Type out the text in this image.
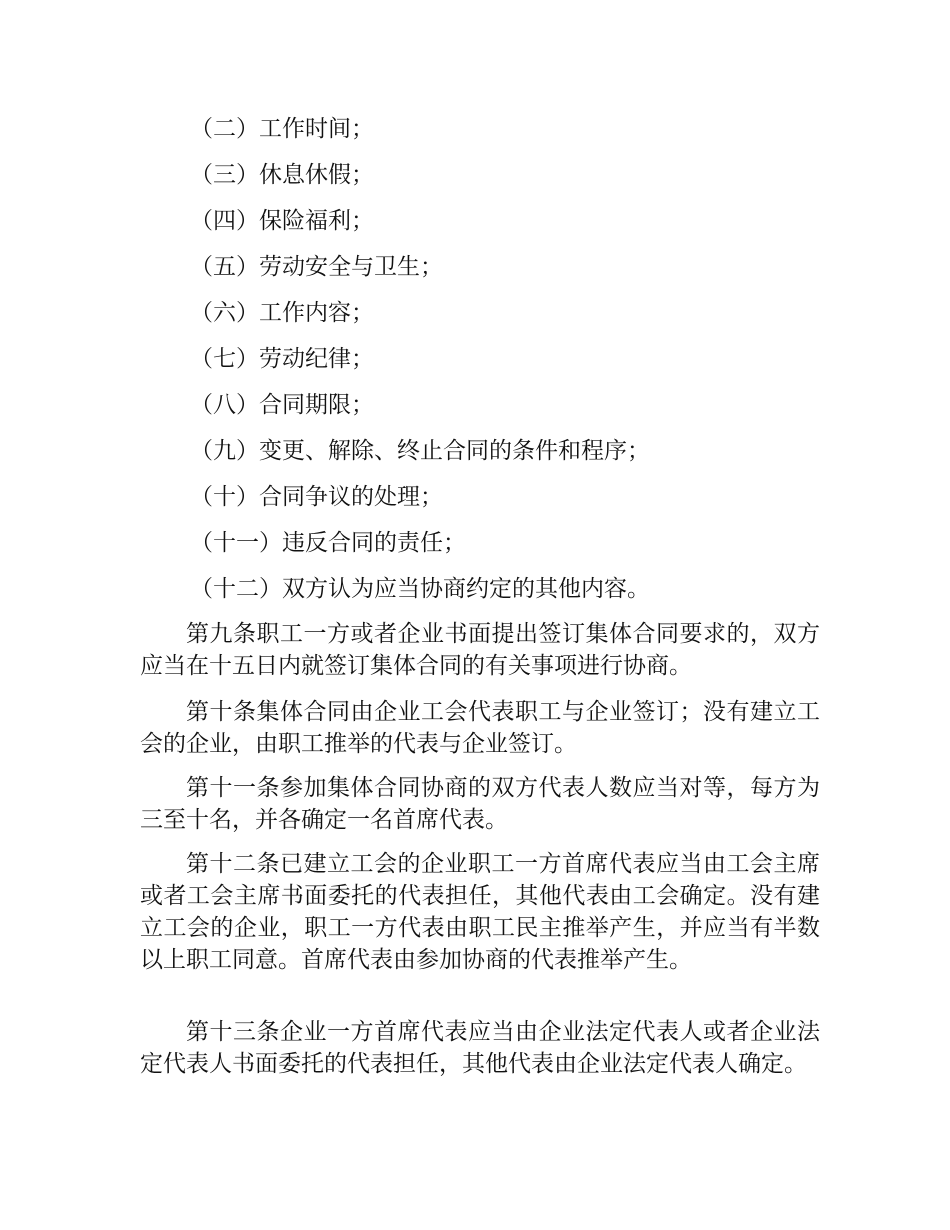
（二）工作时间；
（三）休息休假；
（四）保险福利；
（五）劳动安全与卫生；
（六）工作内容；
（七）劳动纪律；
（八）合同期限；
（九）变更、解除、终止合同的条件和程序；
（十）合同争议的处理；
（十一）违反合同的责任；
（十二）双方认为应当协商约定的其他内容。
第九条职工一方或者企业书面提出签订集体合同要求的，双方应当在十五日内就签订集体合同的有关事项进行协商。
第十条集体合同由企业工会代表职工与企业签订；没有建立工会的企业，由职工推举的代表与企业签订。
第十一条参加集体合同协商的双方代表人数应当对等，每方为三至十名，并各确定一名首席代表。
第十二条已建立工会的企业职工一方首席代表应当由工会主席或者工会主席书面委托的代表担任，其他代表由工会确定。没有建立工会的企业，职工一方代表由职工民主推举产生，并应当有半数以上职工同意。首席代表由参加协商的代表推举产生。
第十三条企业一方首席代表应当由企业法定代表人或者企业法定代表人书面委托的代表担任，其他代表由企业法定代表人确定。
